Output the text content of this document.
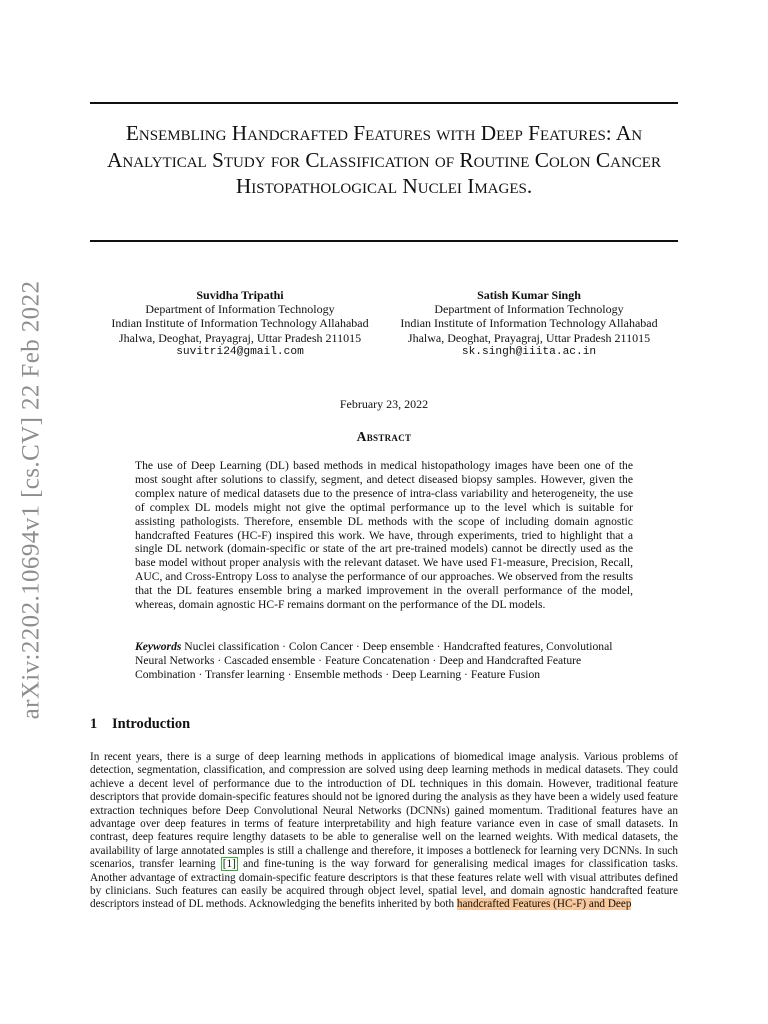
arXiv:2202.10694v1 [cs.CV] 22 Feb 2022
Ensembling Handcrafted Features with Deep Features: An Analytical Study for Classification of Routine Colon Cancer Histopathological Nuclei Images.
Suvidha Tripathi
Department of Information Technology
Indian Institute of Information Technology Allahabad
Jhalwa, Deoghat, Prayagraj, Uttar Pradesh 211015
suvitri24@gmail.com
Satish Kumar Singh
Department of Information Technology
Indian Institute of Information Technology Allahabad
Jhalwa, Deoghat, Prayagraj, Uttar Pradesh 211015
sk.singh@iiita.ac.in
February 23, 2022
Abstract

The use of Deep Learning (DL) based methods in medical histopathology images have been one of the most sought after solutions to classify, segment, and detect diseased biopsy samples. However, given the complex nature of medical datasets due to the presence of intra-class variability and heterogeneity, the use of complex DL models might not give the optimal performance up to the level which is suitable for assisting pathologists. Therefore, ensemble DL methods with the scope of including domain agnostic handcrafted Features (HC-F) inspired this work. We have, through experiments, tried to highlight that a single DL network (domain-specific or state of the art pre-trained models) cannot be directly used as the base model without proper analysis with the relevant dataset. We have used F1-measure, Precision, Recall, AUC, and Cross-Entropy Loss to analyse the performance of our approaches. We observed from the results that the DL features ensemble bring a marked improvement in the overall performance of the model, whereas, domain agnostic HC-F remains dormant on the performance of the DL models.

Keywords Nuclei classification · Colon Cancer · Deep ensemble · Handcrafted features, Convolutional Neural Networks · Cascaded ensemble · Feature Concatenation · Deep and Handcrafted Feature Combination · Transfer learning · Ensemble methods · Deep Learning · Feature Fusion

1 Introduction

In recent years, there is a surge of deep learning methods in applications of biomedical image analysis. Various problems of detection, segmentation, classification, and compression are solved using deep learning methods in medical datasets. They could achieve a decent level of performance due to the introduction of DL techniques in this domain. However, traditional feature descriptors that provide domain-specific features should not be ignored during the analysis as they have been a widely used feature extraction techniques before Deep Convolutional Neural Networks (DCNNs) gained momentum. Traditional features have an advantage over deep features in terms of feature interpretability and high feature variance even in case of small datasets. In contrast, deep features require lengthy datasets to be able to generalise well on the learned weights. With medical datasets, the availability of large annotated samples is still a challenge and therefore, it imposes a bottleneck for learning very DCNNs. In such scenarios, transfer learning [1] and fine-tuning is the way forward for generalising medical images for classification tasks. Another advantage of extracting domain-specific feature descriptors is that these features relate well with visual attributes defined by clinicians. Such features can easily be acquired through object level, spatial level, and domain agnostic handcrafted feature descriptors instead of DL methods. Acknowledging the benefits inherited by both handcrafted Features (HC-F) and Deep
